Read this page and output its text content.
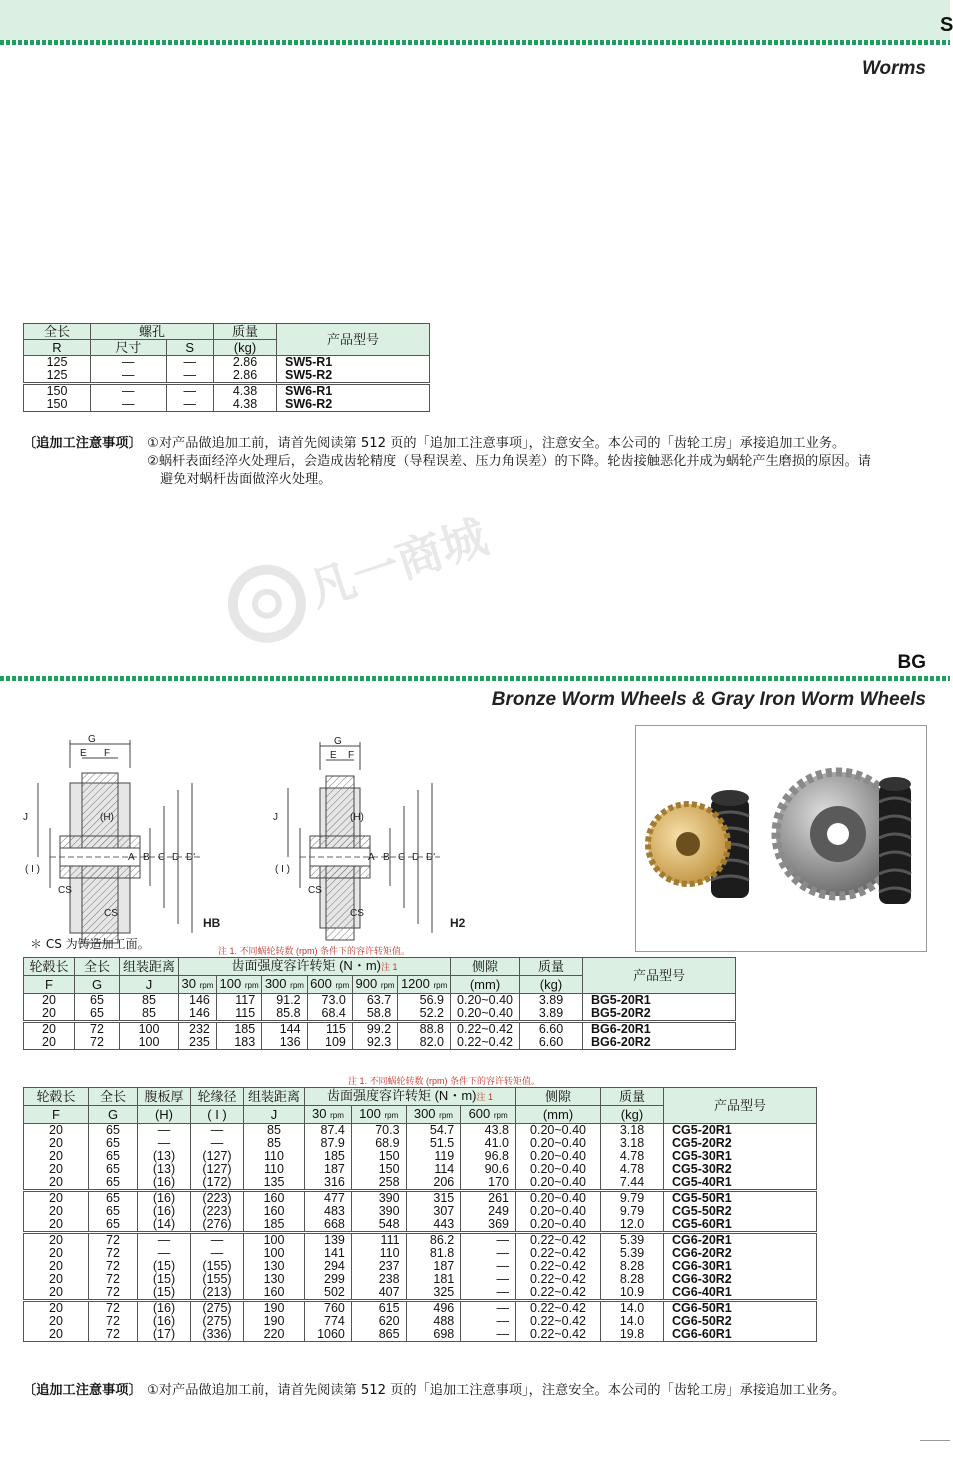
S
Worms
全长	螺孔		质量	产品型号
R	尺寸	S	(kg)	
125	—	—	2.86	SW5-R1
125	—	—	2.86	SW5-R2
150	—	—	4.38	SW6-R1
150	—	—	4.38	SW6-R2
〔追加工注意事项〕 ①对产品做追加工前，请首先阅读第 512 页的「追加工注意事项」，注意安全。本公司的「齿轮工房」承接追加工业务。
②蜗杆表面经淬火处理后，会造成齿轮精度（导程误差、压力角误差）的下降。轮齿接触恶化并成为蜗轮产生磨损的原因。请
避免对蜗杆齿面做淬火处理。
凡一商城
BG
Bronze Worm Wheels & Gray Iron Worm Wheels
G
E F
J
( I )
(H)
A B C D D'
CS
CS
HB
G
E F
J
( I )
(H)
A B C D D'
CS
CS
H2
＊ CS 为铸造加工面。	注 1. 不同蜗轮转数 (rpm) 条件下的容许转矩值。
轮毂长	全长	组装距离	齿面强度容许转矩 (N・m)注 1						侧隙	质量	产品型号
F	G	J	30 rpm	100 rpm	300 rpm	600 rpm	900 rpm	1200 rpm	(mm)	(kg)	
20	65	85	146	117	91.2	73.0	63.7	56.9	0.20~0.40	3.89	BG5-20R1
20	65	85	146	115	85.8	68.4	58.8	52.2	0.20~0.40	3.89	BG5-20R2
20	72	100	232	185	144	115	99.2	88.8	0.22~0.42	6.60	BG6-20R1
20	72	100	235	183	136	109	92.3	82.0	0.22~0.42	6.60	BG6-20R2
注 1. 不同蜗轮转数 (rpm) 条件下的容许转矩值。
轮毂长	全长	腹板厚	轮缘径	组装距离	齿面强度容许转矩 (N・m)注 1				侧隙	质量	产品型号
F	G	(H)	( I )	J	30 rpm	100 rpm	300 rpm	600 rpm	(mm)	(kg)	
20	65	—	—	85	87.4	70.3	54.7	43.8	0.20~0.40	3.18	CG5-20R1
20	65	—	—	85	87.9	68.9	51.5	41.0	0.20~0.40	3.18	CG5-20R2
20	65	(13)	(127)	110	185	150	119	96.8	0.20~0.40	4.78	CG5-30R1
20	65	(13)	(127)	110	187	150	114	90.6	0.20~0.40	4.78	CG5-30R2
20	65	(16)	(172)	135	316	258	206	170	0.20~0.40	7.44	CG5-40R1
20	65	(16)	(223)	160	477	390	315	261	0.20~0.40	9.79	CG5-50R1
20	65	(16)	(223)	160	483	390	307	249	0.20~0.40	9.79	CG5-50R2
20	65	(14)	(276)	185	668	548	443	369	0.20~0.40	12.0	CG5-60R1
20	72	—	—	100	139	111	86.2	—	0.22~0.42	5.39	CG6-20R1
20	72	—	—	100	141	110	81.8	—	0.22~0.42	5.39	CG6-20R2
20	72	(15)	(155)	130	294	237	187	—	0.22~0.42	8.28	CG6-30R1
20	72	(15)	(155)	130	299	238	181	—	0.22~0.42	8.28	CG6-30R2
20	72	(15)	(213)	160	502	407	325	—	0.22~0.42	10.9	CG6-40R1
20	72	(16)	(275)	190	760	615	496	—	0.22~0.42	14.0	CG6-50R1
20	72	(16)	(275)	190	774	620	488	—	0.22~0.42	14.0	CG6-50R2
20	72	(17)	(336)	220	1060	865	698	—	0.22~0.42	19.8	CG6-60R1
〔追加工注意事项〕 ①对产品做追加工前，请首先阅读第 512 页的「追加工注意事项」，注意安全。本公司的「齿轮工房」承接追加工业务。
